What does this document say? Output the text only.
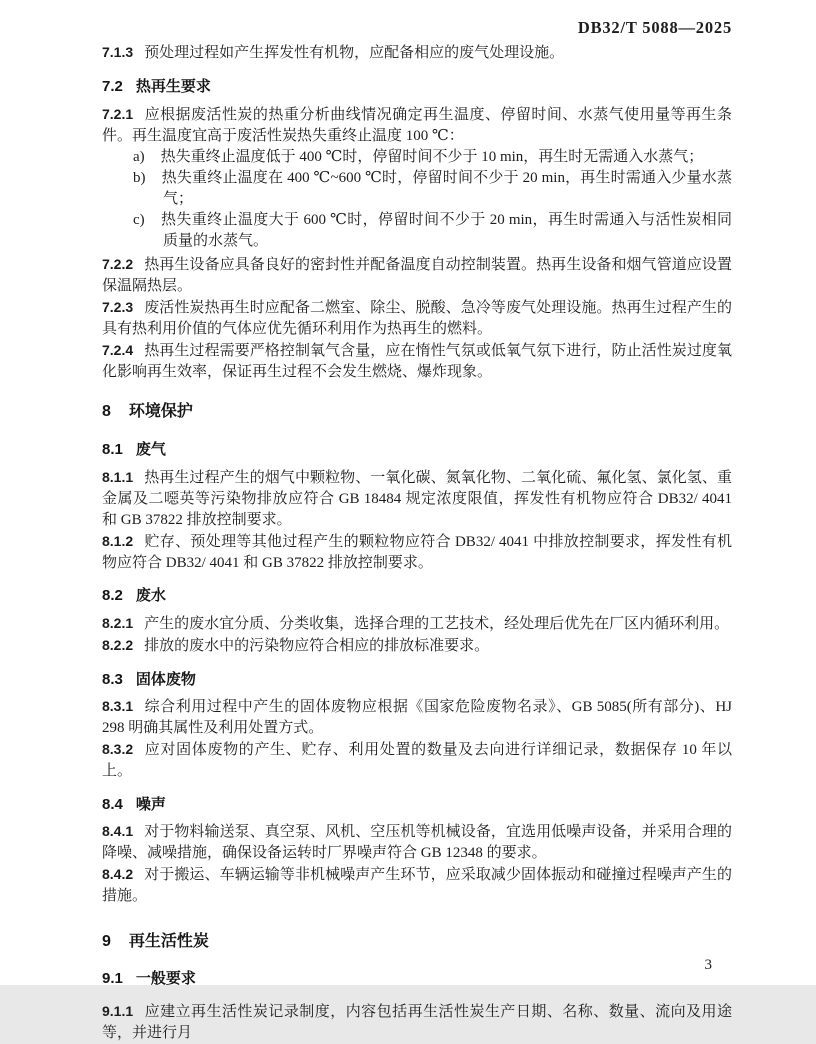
DB32/T 5088—2025

7.1.3 预处理过程如产生挥发性有机物，应配备相应的废气处理设施。

7.2 热再生要求

7.2.1 应根据废活性炭的热重分析曲线情况确定再生温度、停留时间、水蒸气使用量等再生条件。再生温度宜高于废活性炭热失重终止温度 100 ℃：

a) 热失重终止温度低于 400 ℃时，停留时间不少于 10 min，再生时无需通入水蒸气；

b) 热失重终止温度在 400 ℃~600 ℃时，停留时间不少于 20 min，再生时需通入少量水蒸气；

c) 热失重终止温度大于 600 ℃时，停留时间不少于 20 min，再生时需通入与活性炭相同质量的水蒸气。

7.2.2 热再生设备应具备良好的密封性并配备温度自动控制装置。热再生设备和烟气管道应设置保温隔热层。

7.2.3 废活性炭热再生时应配备二燃室、除尘、脱酸、急冷等废气处理设施。热再生过程产生的具有热利用价值的气体应优先循环利用作为热再生的燃料。

7.2.4 热再生过程需要严格控制氧气含量，应在惰性气氛或低氧气氛下进行，防止活性炭过度氧化影响再生效率，保证再生过程不会发生燃烧、爆炸现象。

8 环境保护

8.1 废气

8.1.1 热再生过程产生的烟气中颗粒物、一氧化碳、氮氧化物、二氧化硫、氟化氢、氯化氢、重金属及二噁英等污染物排放应符合 GB 18484 规定浓度限值，挥发性有机物应符合 DB32/ 4041 和 GB 37822 排放控制要求。

8.1.2 贮存、预处理等其他过程产生的颗粒物应符合 DB32/ 4041 中排放控制要求，挥发性有机物应符合 DB32/ 4041 和 GB 37822 排放控制要求。

8.2 废水

8.2.1 产生的废水宜分质、分类收集，选择合理的工艺技术，经处理后优先在厂区内循环利用。

8.2.2 排放的废水中的污染物应符合相应的排放标准要求。

8.3 固体废物

8.3.1 综合利用过程中产生的固体废物应根据《国家危险废物名录》、GB 5085(所有部分)、HJ 298 明确其属性及利用处置方式。

8.3.2 应对固体废物的产生、贮存、利用处置的数量及去向进行详细记录，数据保存 10 年以上。

8.4 噪声

8.4.1 对于物料输送泵、真空泵、风机、空压机等机械设备，宜选用低噪声设备，并采用合理的降噪、减噪措施，确保设备运转时厂界噪声符合 GB 12348 的要求。

8.4.2 对于搬运、车辆运输等非机械噪声产生环节，应采取减少固体振动和碰撞过程噪声产生的措施。

9 再生活性炭

9.1 一般要求

9.1.1 应建立再生活性炭记录制度，内容包括再生活性炭生产日期、名称、数量、流向及用途等，并进行月

3
